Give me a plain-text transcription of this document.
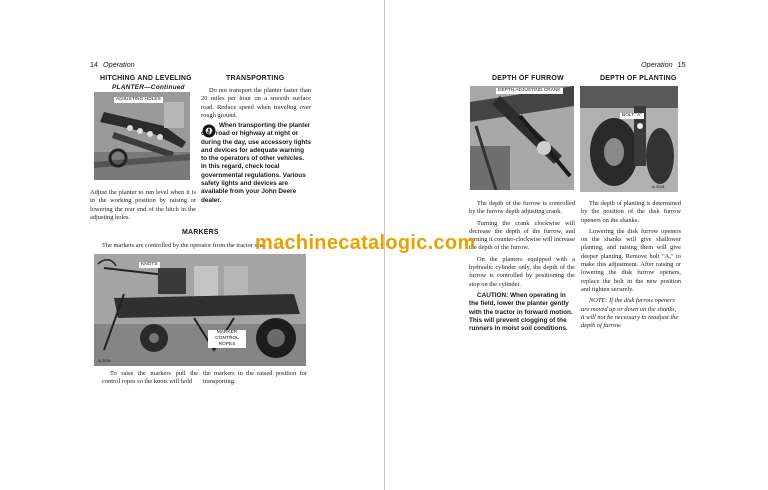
14 Operation
HITCHING AND LEVELING
PLANTER—Continued
ADJUSTING HOLES

Adjust the planter to run level when it is in the working position by raising or lowering the rear end of the hitch in the adjusting holes.

TRANSPORTING

Do not transport the planter faster than 20 miles per hour on a smooth surface road. Reduce speed when traveling over rough ground.

When transporting the planter on a road or highway at night or during the day, use accessory lights and devices for adequate warning to the operators of other vehicles. In this regard, check local governmental regulations. Various safety lights and devices are available from your John Deere dealer.

MARKERS

The markers are controlled by the operator from the tractor seat.

KNOTS
MARKER CONTROL ROPES
A-3034

To raise the markers pull the control ropes so the knots will hold

the markers in the raised position for transporting.

Operation 15
DEPTH OF FURROW	DEPTH OF PLANTING
DEPTH ADJUSTING CRANK
BOLT "A"
A-3041

The depth of the furrow is controlled by the furrow depth adjusting crank.

Turning the crank clockwise will decrease the depth of the furrow, and turning it counter-clockwise will increase the depth of the furrow.

On the planters equipped with a hydraulic cylinder only, the depth of the furrow is controlled by positioning the stop on the cylinder.

CAUTION: When operating in the field, lower the planter gently with the tractor in forward motion. This will prevent clogging of the runners in moist soil conditions.

The depth of planting is determined by the position of the disk furrow openers on the shanks.

Lowering the disk furrow openers on the shanks will give shallower planting, and raising them will give deeper planting. Remove bolt "A," to make this adjustment. After raising or lowering the disk furrow openers, replace the bolt in the new position and tighten securely.

NOTE: If the disk furrow openers are moved up or down on the shanks, it will not be necessary to readjust the depth of furrow.

machinecatalogic.com
